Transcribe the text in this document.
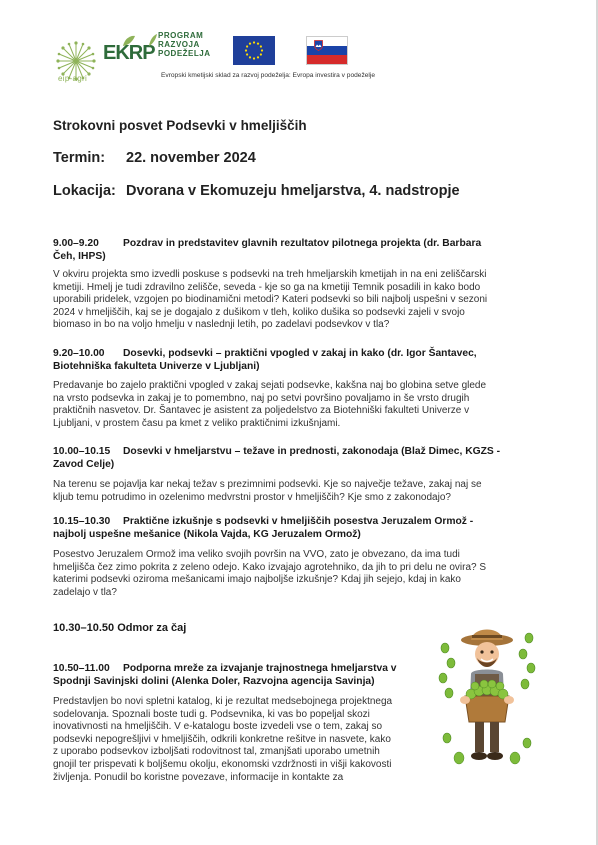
eip-agri
EKRP
PROGRAM
RAZVOJA
PODEŽELJA
Evropski kmetijski sklad za razvoj podeželja: Evropa investira v podeželje
Strokovni posvet Podsevki v hmeljiščih
Termin: 22. november 2024
Lokacija: Dvorana v Ekomuzeju hmeljarstva, 4. nadstropje
9.00–9.20 Pozdrav in predstavitev glavnih rezultatov pilotnega projekta (dr. Barbara
Čeh, IHPS)
V okviru projekta smo izvedli poskuse s podsevki na treh hmeljarskih kmetijah in na eni zeliščarski
kmetiji. Hmelj je tudi zdravilno zelišče, seveda - kje so ga na kmetiji Temnik posadili in kako bodo
uporabili pridelek, vzgojen po biodinamični metodi? Kateri podsevki so bili najbolj uspešni v sezoni
2024 v hmeljiščih, kaj se je dogajalo z dušikom v tleh, koliko dušika so podsevki zajeli v svojo
biomaso in bo na voljo hmelju v naslednji letih, po zadelavi podsevkov v tla?
9.20–10.00 Dosevki, podsevki – praktični vpogled v zakaj in kako (dr. Igor Šantavec,
Biotehniška fakulteta Univerze v Ljubljani)
Predavanje bo zajelo praktični vpogled v zakaj sejati podsevke, kakšna naj bo globina setve glede
na vrsto podsevka in zakaj je to pomembno, naj po setvi površino povaljamo in še vrsto drugih
praktičnih nasvetov. Dr. Šantavec je asistent za poljedelstvo za Biotehniški fakulteti Univerze v
Ljubljani, v prostem času pa kmet z veliko praktičnimi izkušnjami.
10.00–10.15 Dosevki v hmeljarstvu – težave in prednosti, zakonodaja (Blaž Dimec, KGZS -
Zavod Celje)
Na terenu se pojavlja kar nekaj težav s prezimnimi podsevki. Kje so največje težave, zakaj naj se
kljub temu potrudimo in ozelenimo medvrstni prostor v hmeljiščih? Kje smo z zakonodajo?
10.15–10.30 Praktične izkušnje s podsevki v hmeljiščih posestva Jeruzalem Ormož -
najbolj uspešne mešanice (Nikola Vajda, KG Jeruzalem Ormož)
Posestvo Jeruzalem Ormož ima veliko svojih površin na VVO, zato je obvezano, da ima tudi
hmeljišča čez zimo pokrita z zeleno odejo. Kako izvajajo agrotehniko, da jih to pri delu ne ovira? S
katerimi podsevki oziroma mešanicami imajo najboljše izkušnje? Kdaj jih sejejo, kdaj in kako
zadelajo v tla?
10.30–10.50 Odmor za čaj
10.50–11.00 Podporna mreže za izvajanje trajnostnega hmeljarstva v
Spodnji Savinjski dolini (Alenka Doler, Razvojna agencija Savinja)
Predstavljen bo novi spletni katalog, ki je rezultat medsebojnega projektnega
sodelovanja. Spoznali boste tudi g. Podsevnika, ki vas bo popeljal skozi
inovativnosti na hmeljiščih. V e-katalogu boste izvedeli vse o tem, zakaj so
podsevki nepogrešljivi v hmeljiščih, odkrili konkretne rešitve in nasvete, kako
z uporabo podsevkov izboljšati rodovitnost tal, zmanjšati uporabo umetnih
gnojil ter prispevati k boljšemu okolju, ekonomski vzdržnosti in višji kakovosti
življenja. Ponudil bo koristne povezave, informacije in kontakte za
